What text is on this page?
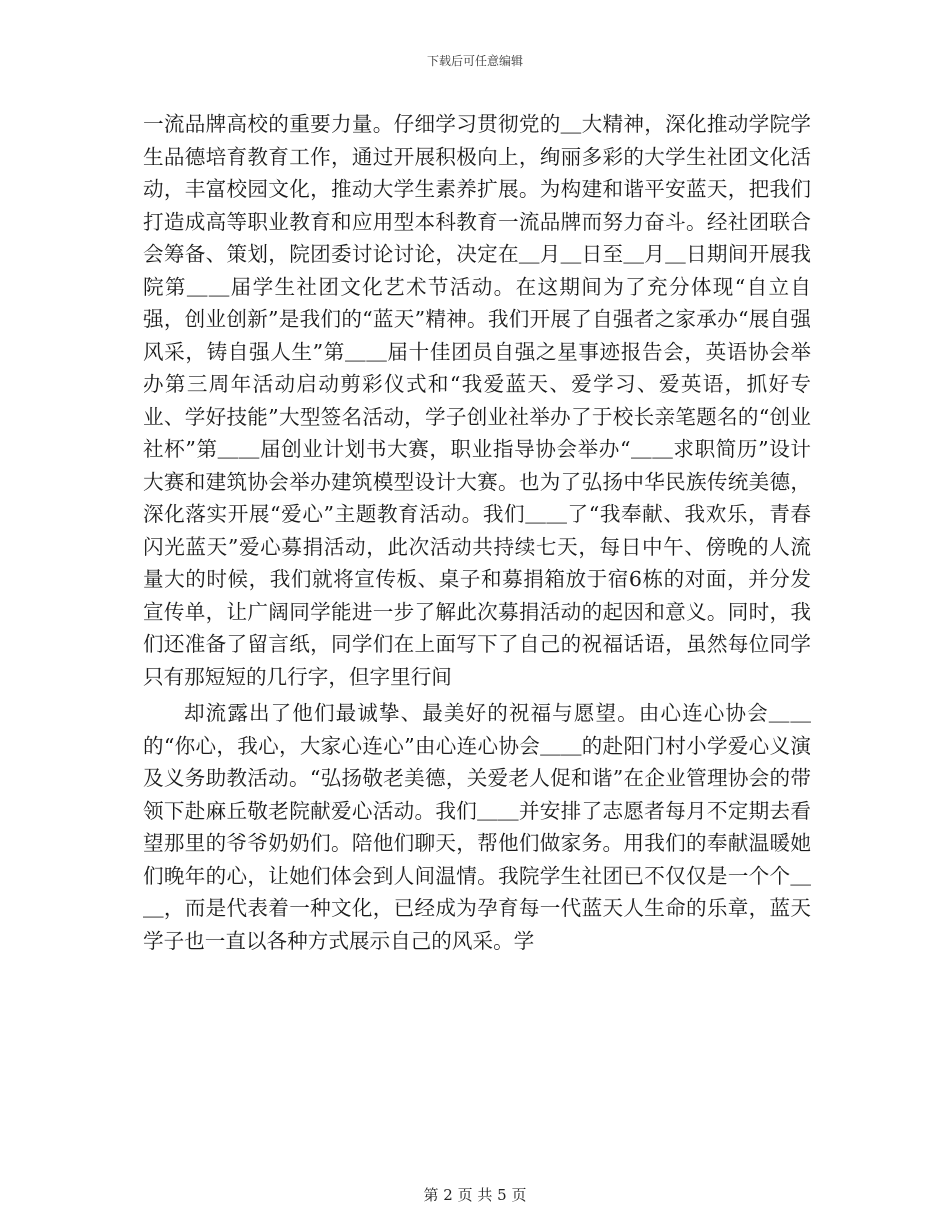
下载后可任意编辑

一流品牌高校的重要力量。仔细学习贯彻党的＿大精神，深化推动学院学生品德培育教育工作，通过开展积极向上，绚丽多彩的大学生社团文化活动，丰富校园文化，推动大学生素养扩展。为构建和谐平安蓝天，把我们打造成高等职业教育和应用型本科教育一流品牌而努力奋斗。经社团联合会筹备、策划，院团委讨论讨论，决定在＿月＿日至＿月＿日期间开展我院第＿＿届学生社团文化艺术节活动。在这期间为了充分体现“自立自强，创业创新”是我们的“蓝天”精神。我们开展了自强者之家承办“展自强风采，铸自强人生”第＿＿届十佳团员自强之星事迹报告会，英语协会举办第三周年活动启动剪彩仪式和“我爱蓝天、爱学习、爱英语，抓好专业、学好技能”大型签名活动，学子创业社举办了于校长亲笔题名的“创业社杯”第＿＿届创业计划书大赛，职业指导协会举办“＿＿求职简历”设计大赛和建筑协会举办建筑模型设计大赛。也为了弘扬中华民族传统美德，深化落实开展“爱心”主题教育活动。我们＿＿了“我奉献、我欢乐，青春闪光蓝天”爱心募捐活动，此次活动共持续七天，每日中午、傍晚的人流量大的时候，我们就将宣传板、桌子和募捐箱放于宿6栋的对面，并分发宣传单，让广阔同学能进一步了解此次募捐活动的起因和意义。同时，我们还准备了留言纸，同学们在上面写下了自己的祝福话语，虽然每位同学只有那短短的几行字，但字里行间

却流露出了他们最诚挚、最美好的祝福与愿望。由心连心协会＿＿的“你心，我心，大家心连心”由心连心协会＿＿的赴阳门村小学爱心义演及义务助教活动。“弘扬敬老美德，关爱老人促和谐”在企业管理协会的带领下赴麻丘敬老院献爱心活动。我们＿＿并安排了志愿者每月不定期去看望那里的爷爷奶奶们。陪他们聊天，帮他们做家务。用我们的奉献温暖她们晚年的心，让她们体会到人间温情。我院学生社团已不仅仅是一个个＿＿，而是代表着一种文化，已经成为孕育每一代蓝天人生命的乐章，蓝天学子也一直以各种方式展示自己的风采。学

第 2 页 共 5 页
